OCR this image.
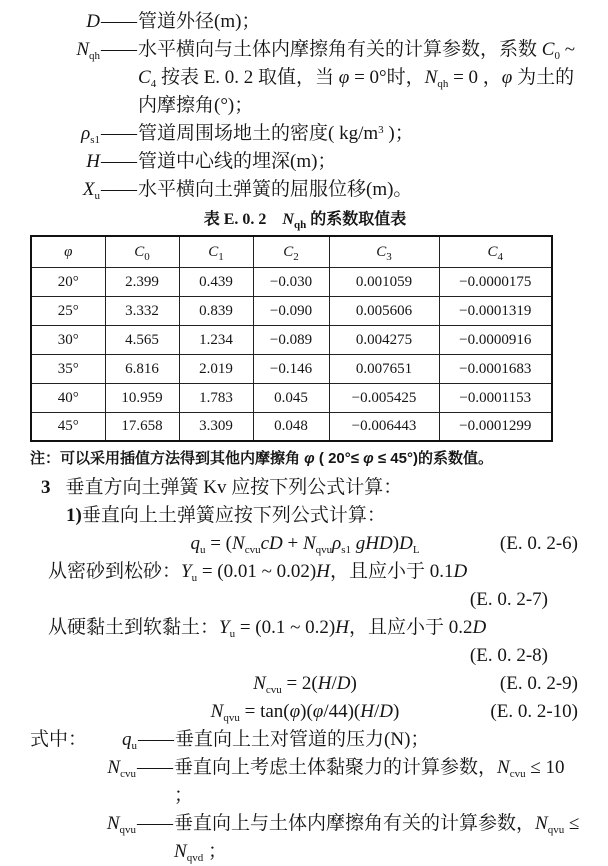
D —— 管道外径(m)；
$N_{qh}$ —— 水平横向与土体内摩擦角有关的计算参数，系数 $C_0$ ~ $C_4$ 按表 E. 0. 2 取值，当 φ = 0°时，$N_{qh} = 0$ ，φ 为土的内摩擦角(°)；
$\rho_{s1}$ —— 管道周围场地土的密度( $kg/m^3$ )；
H —— 管道中心线的埋深(m)；
$X_u$ —— 水平横向土弹簧的屈服位移(m)。
表 E. 0. 2　$N_{qh}$ 的系数取值表
φ	$C_0$	$C_1$	$C_2$	$C_3$	$C_4$
20°	2.399	0.439	−0.030	0.001059	−0.0000175
25°	3.332	0.839	−0.090	0.005606	−0.0001319
30°	4.565	1.234	−0.089	0.004275	−0.0000916
35°	6.816	2.019	−0.146	0.007651	−0.0001683
40°	10.959	1.783	0.045	−0.005425	−0.0001153
45°	17.658	3.309	0.048	−0.006443	−0.0001299
注：可以采用插值方法得到其他内摩擦角 φ ( 20°≤ φ ≤ 45°)的系数值。
3 垂直方向土弹簧 Kv 应按下列公式计算：
1)垂直向上土弹簧应按下列公式计算：
$q_u = (N_{cvu}cD + N_{qvu}\rho_{s1}$ $gHD)D_L$	(E. 0. 2-6)
从密砂到松砂：$Y_u = (0.01$ ~ 0.02)H，且应小于 0.1D
(E. 0. 2-7)
从硬黏土到软黏土：$Y_u = (0.1$ ~ 0.2)H，且应小于 0.2D
(E. 0. 2-8)
$N_{cvu} = 2(H/D)$	(E. 0. 2-9)
$N_{qvu} = \tan(\varphi)(\varphi/44)(H/D)$	(E. 0. 2-10)
式中：	$q_u$ —— 垂直向上土对管道的压力(N)；
$N_{cvu}$ —— 垂直向上考虑土体黏聚力的计算参数，$N_{cvu} \le 10$ ；
$N_{qvu}$ —— 垂直向上与土体内摩擦角有关的计算参数，$N_{qvu} \le N_{qvd}$ ；
